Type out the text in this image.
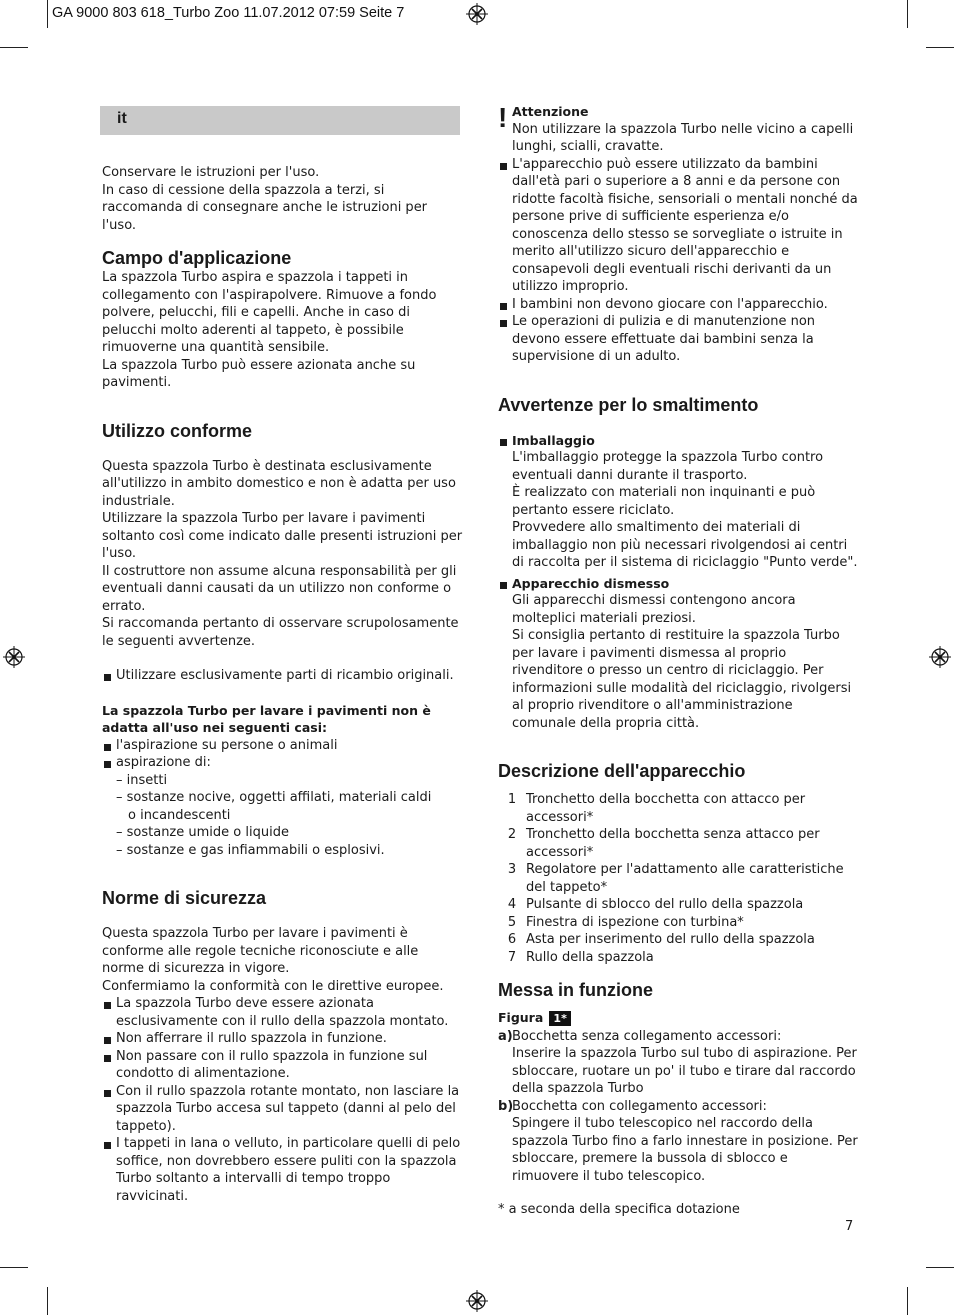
GA 9000 803 618_Turbo Zoo 11.07.2012 07:59 Seite 7
it

Conservare le istruzioni per l'uso.

In caso di cessione della spazzola a terzi, si raccomanda di consegnare anche le istruzioni per l'uso.

Campo d'applicazione

La spazzola Turbo aspira e spazzola i tappeti in collegamento con l'aspirapolvere. Rimuove a fondo polvere, pelucchi, fili e capelli. Anche in caso di pelucchi molto aderenti al tappeto, è possibile rimuoverne una quantità sensibile.

La spazzola Turbo può essere azionata anche su pavimenti.

Utilizzo conforme

Questa spazzola Turbo è destinata esclusivamente all'utilizzo in ambito domestico e non è adatta per uso industriale.

Utilizzare la spazzola Turbo per lavare i pavimenti soltanto così come indicato dalle presenti istruzioni per l'uso.

Il costruttore non assume alcuna responsabilità per gli eventuali danni causati da un utilizzo non conforme o errato.

Si raccomanda pertanto di osservare scrupolosamente le seguenti avvertenze.

Utilizzare esclusivamente parti di ricambio originali.

La spazzola Turbo per lavare i pavimenti non è adatta all'uso nei seguenti casi:

l'aspirazione su persone o animali

aspirazione di:

– insetti

– sostanze nocive, oggetti affilati, materiali caldi

o incandescenti

– sostanze umide o liquide

– sostanze e gas infiammabili o esplosivi.

Norme di sicurezza

Questa spazzola Turbo per lavare i pavimenti è conforme alle regole tecniche riconosciute e alle norme di sicurezza in vigore.

Confermiamo la conformità con le direttive europee.

La spazzola Turbo deve essere azionata esclusivamente con il rullo della spazzola montato.

Non afferrare il rullo spazzola in funzione.

Non passare con il rullo spazzola in funzione sul condotto di alimentazione.

Con il rullo spazzola rotante montato, non lasciare la spazzola Turbo accesa sul tappeto (danni al pelo del tappeto).

I tappeti in lana o velluto, in particolare quelli di pelo soffice, non dovrebbero essere puliti con la spazzola Turbo soltanto a intervalli di tempo troppo ravvicinati.

! Attenzione

Non utilizzare la spazzola Turbo nelle vicino a capelli lunghi, scialli, cravatte.

L'apparecchio può essere utilizzato da bambini dall'età pari o superiore a 8 anni e da persone con ridotte facoltà fisiche, sensoriali o mentali nonché da persone prive di sufficiente esperienza e/o conoscenza dello stesso se sorvegliate o istruite in merito all'utilizzo sicuro dell'apparecchio e consapevoli degli eventuali rischi derivanti da un utilizzo improprio.

I bambini non devono giocare con l'apparecchio.

Le operazioni di pulizia e di manutenzione non devono essere effettuate dai bambini senza la supervisione di un adulto.

Avvertenze per lo smaltimento

Imballaggio

L'imballaggio protegge la spazzola Turbo contro eventuali danni durante il trasporto.

È realizzato con materiali non inquinanti e può pertanto essere riciclato.

Provvedere allo smaltimento dei materiali di imballaggio non più necessari rivolgendosi ai centri di raccolta per il sistema di riciclaggio "Punto verde".

Apparecchio dismesso

Gli apparecchi dismessi contengono ancora molteplici materiali preziosi.

Si consiglia pertanto di restituire la spazzola Turbo per lavare i pavimenti dismessa al proprio rivenditore o presso un centro di riciclaggio. Per informazioni sulle modalità del riciclaggio, rivolgersi al proprio rivenditore o all'amministrazione comunale della propria città.

Descrizione dell'apparecchio
1 Tronchetto della bocchetta con attacco per accessori*
2 Tronchetto della bocchetta senza attacco per accessori*
3 Regolatore per l'adattamento alle caratteristiche del tappeto*
4 Pulsante di sblocco del rullo della spazzola
5 Finestra di ispezione con turbina*
6 Asta per inserimento del rullo della spazzola
7 Rullo della spazzola
Messa in funzione

Figura 1*

a) Bocchetta senza collegamento accessori:

Inserire la spazzola Turbo sul tubo di aspirazione. Per sbloccare, ruotare un po' il tubo e tirare dal raccordo della spazzola Turbo

b)
Bocchetta con collegamento accessori:

Spingere il tubo telescopico nel raccordo della spazzola Turbo fino a farlo innestare in posizione. Per sbloccare, premere la bussola di sblocco e rimuovere il tubo telescopico.

* a seconda della specifica dotazione

7
